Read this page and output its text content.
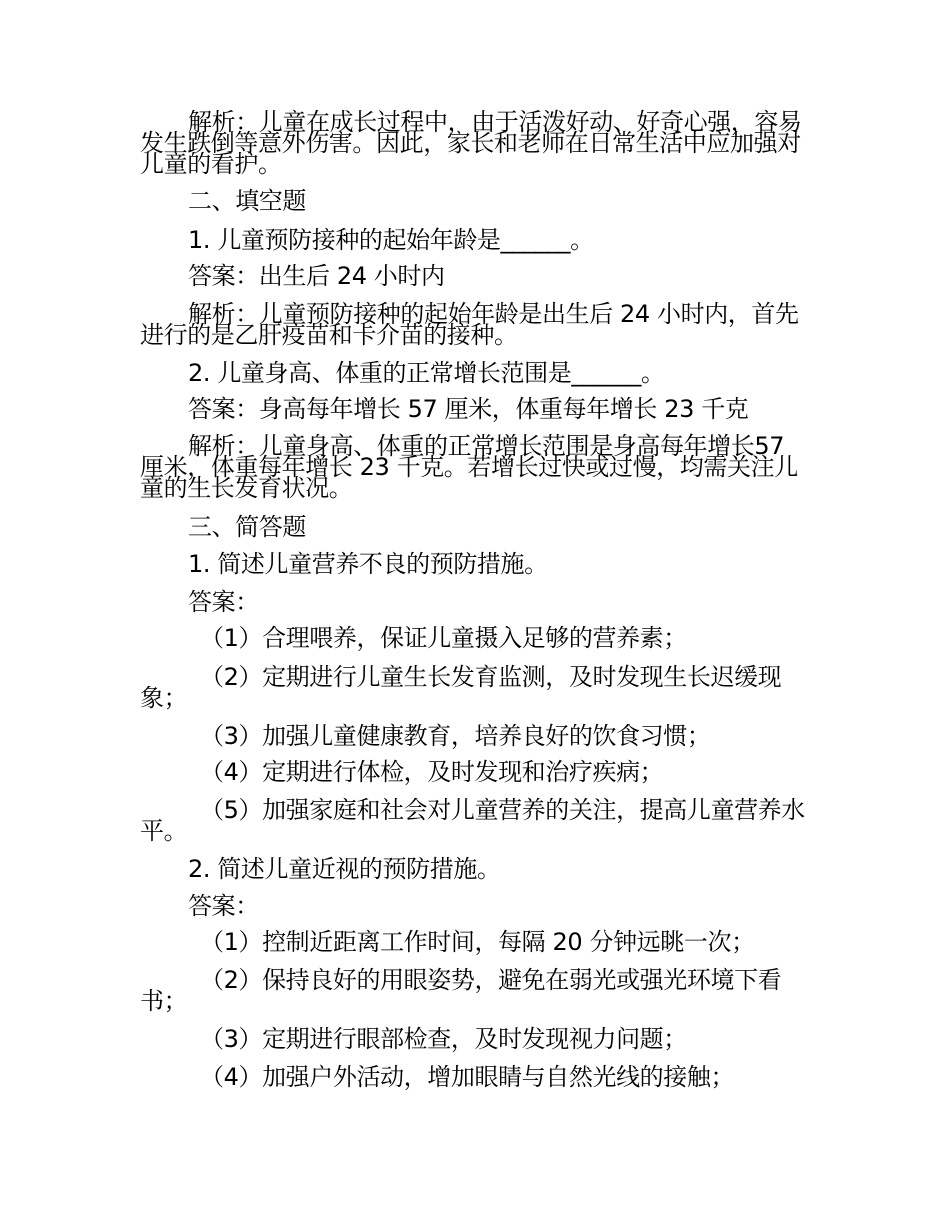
解析：儿童在成长过程中，由于活泼好动、好奇心强，容易发生跌倒等意外伤害。因此，家长和老师在日常生活中应加强对儿童的看护。
二、填空题
1. 儿童预防接种的起始年龄是______。
答案：出生后 24 小时内
解析：儿童预防接种的起始年龄是出生后 24 小时内，首先进行的是乙肝疫苗和卡介苗的接种。
2. 儿童身高、体重的正常增长范围是______。
答案：身高每年增长 57 厘米，体重每年增长 23 千克
解析：儿童身高、体重的正常增长范围是身高每年增长57 厘米，体重每年增长 23 千克。若增长过快或过慢，均需关注儿童的生长发育状况。
三、简答题
1. 简述儿童营养不良的预防措施。
答案：
（1）合理喂养，保证儿童摄入足够的营养素；
（2）定期进行儿童生长发育监测，及时发现生长迟缓现象；
（3）加强儿童健康教育，培养良好的饮食习惯；
（4）定期进行体检，及时发现和治疗疾病；
（5）加强家庭和社会对儿童营养的关注，提高儿童营养水平。
2. 简述儿童近视的预防措施。
答案：
（1）控制近距离工作时间，每隔 20 分钟远眺一次；
（2）保持良好的用眼姿势，避免在弱光或强光环境下看书；
（3）定期进行眼部检查，及时发现视力问题；
（4）加强户外活动，增加眼睛与自然光线的接触；
